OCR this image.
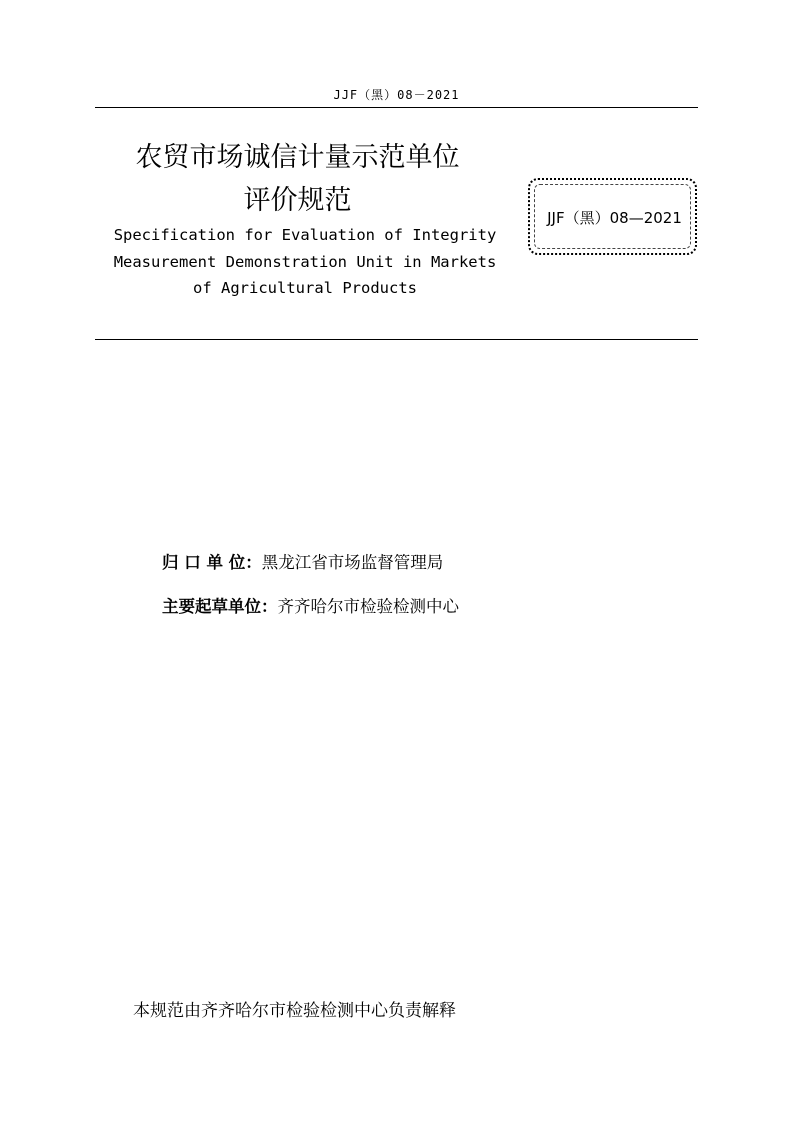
JJF（黑）08－2021
农贸市场诚信计量示范单位
评价规范
Specification for Evaluation of Integrity
Measurement Demonstration Unit in Markets
of Agricultural Products
JJF（黑）08—2021
归 口 单 位：黑龙江省市场监督管理局
主要起草单位：齐齐哈尔市检验检测中心
本规范由齐齐哈尔市检验检测中心负责解释
